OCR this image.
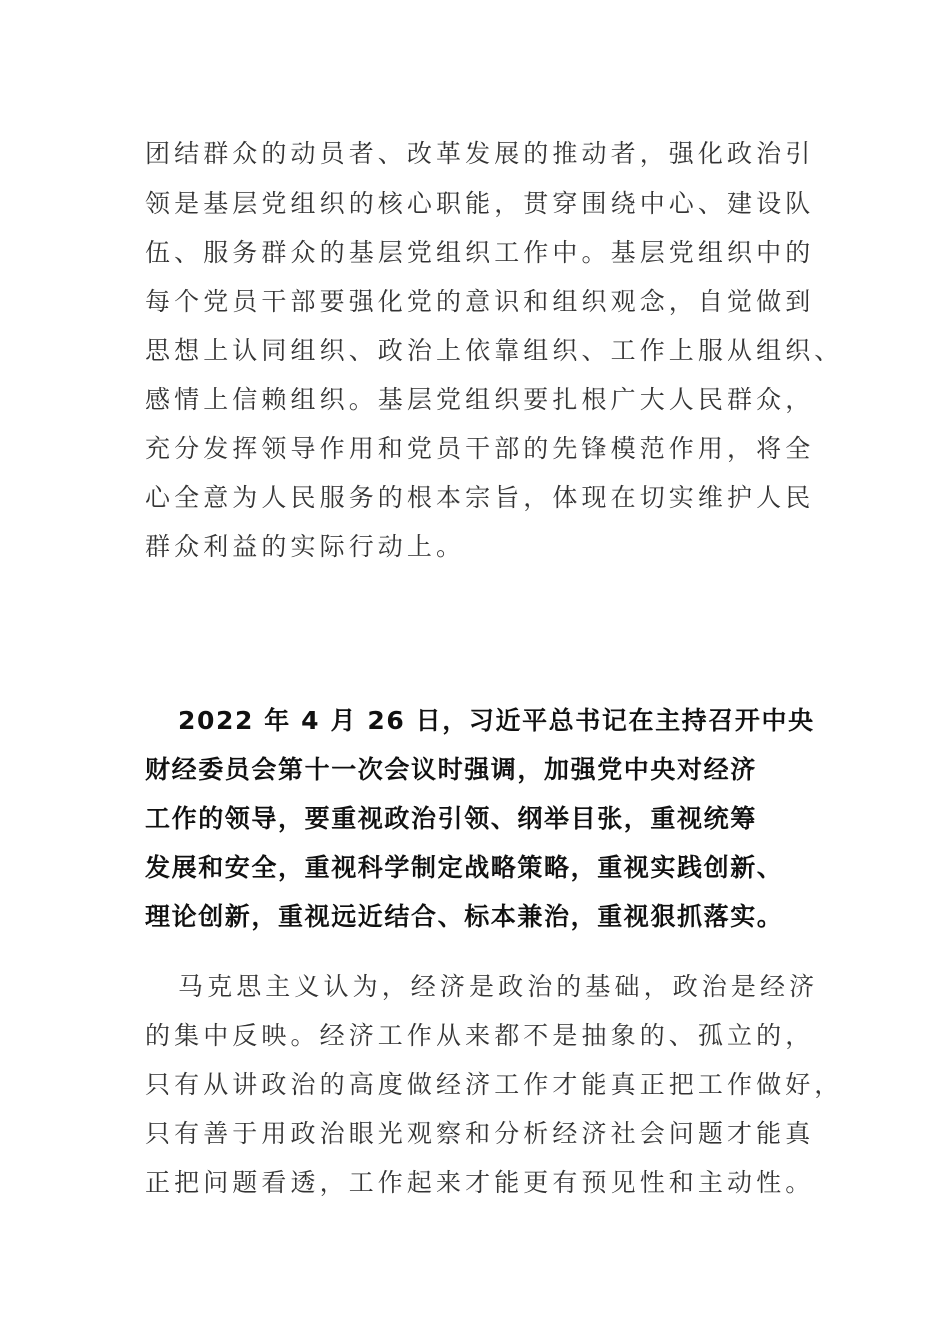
团结群众的动员者、改革发展的推动者，强化政治引
领是基层党组织的核心职能，贯穿围绕中心、建设队
伍、服务群众的基层党组织工作中。基层党组织中的
每个党员干部要强化党的意识和组织观念，自觉做到
思想上认同组织、政治上依靠组织、工作上服从组织、
感情上信赖组织。基层党组织要扎根广大人民群众，
充分发挥领导作用和党员干部的先锋模范作用，将全
心全意为人民服务的根本宗旨，体现在切实维护人民
群众利益的实际行动上。
2022 年 4 月 26 日，习近平总书记在主持召开中央
财经委员会第十一次会议时强调，加强党中央对经济
工作的领导，要重视政治引领、纲举目张，重视统筹
发展和安全，重视科学制定战略策略，重视实践创新、
理论创新，重视远近结合、标本兼治，重视狠抓落实。
马克思主义认为，经济是政治的基础，政治是经济
的集中反映。经济工作从来都不是抽象的、孤立的，
只有从讲政治的高度做经济工作才能真正把工作做好，
只有善于用政治眼光观察和分析经济社会问题才能真
正把问题看透，工作起来才能更有预见性和主动性。
